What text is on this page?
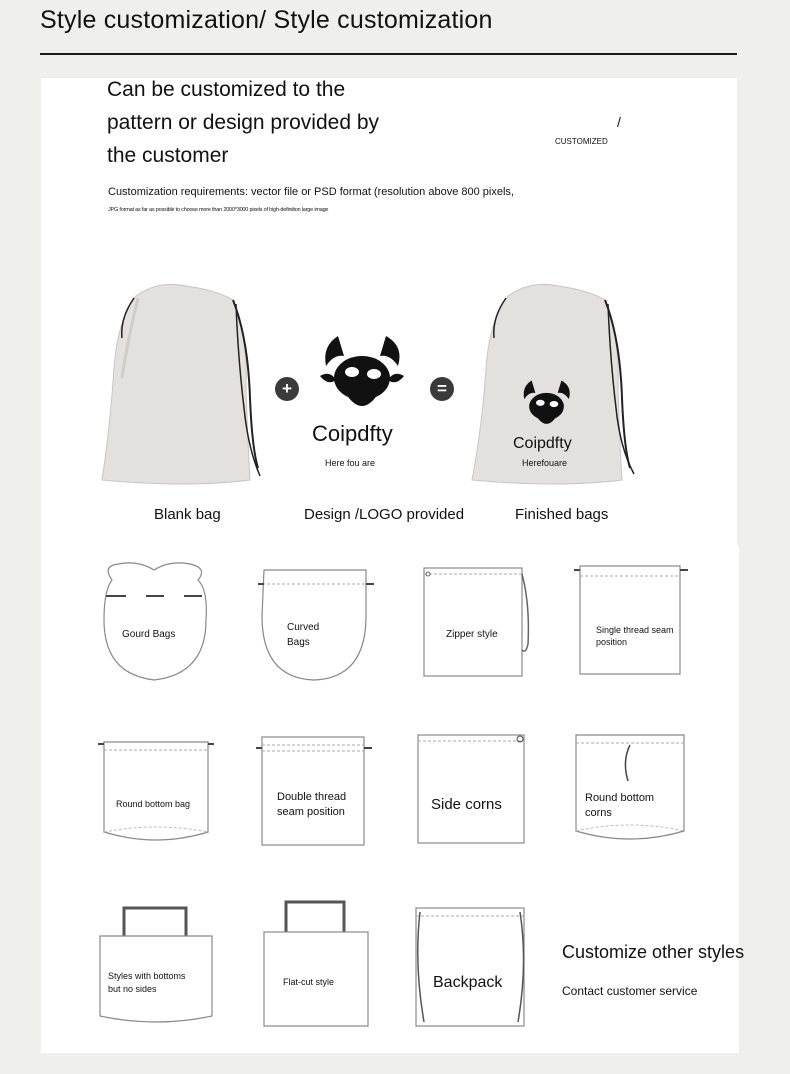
Style customization/ Style customization
Can be customized to the
pattern or design provided by
the customer
/
CUSTOMIZED
Customization requirements: vector file or PSD format (resolution above 800 pixels,
JPG format as far as possible to choose more than 2000*3000 pixels of high-definition large image
+
Coipdfty
Here fou are
=
Coipdfty
Herefouare
Blank bag	Design /LOGO provided	Finished bags
Gourd Bags
Curved
Bags
Zipper style	Single thread seam
position
Round bottom bag
Double thread
seam position	Side corns	Round bottom
corns
Styles with bottoms
but no sides
Flat-cut style	Backpack
Customize other styles
Contact customer service
